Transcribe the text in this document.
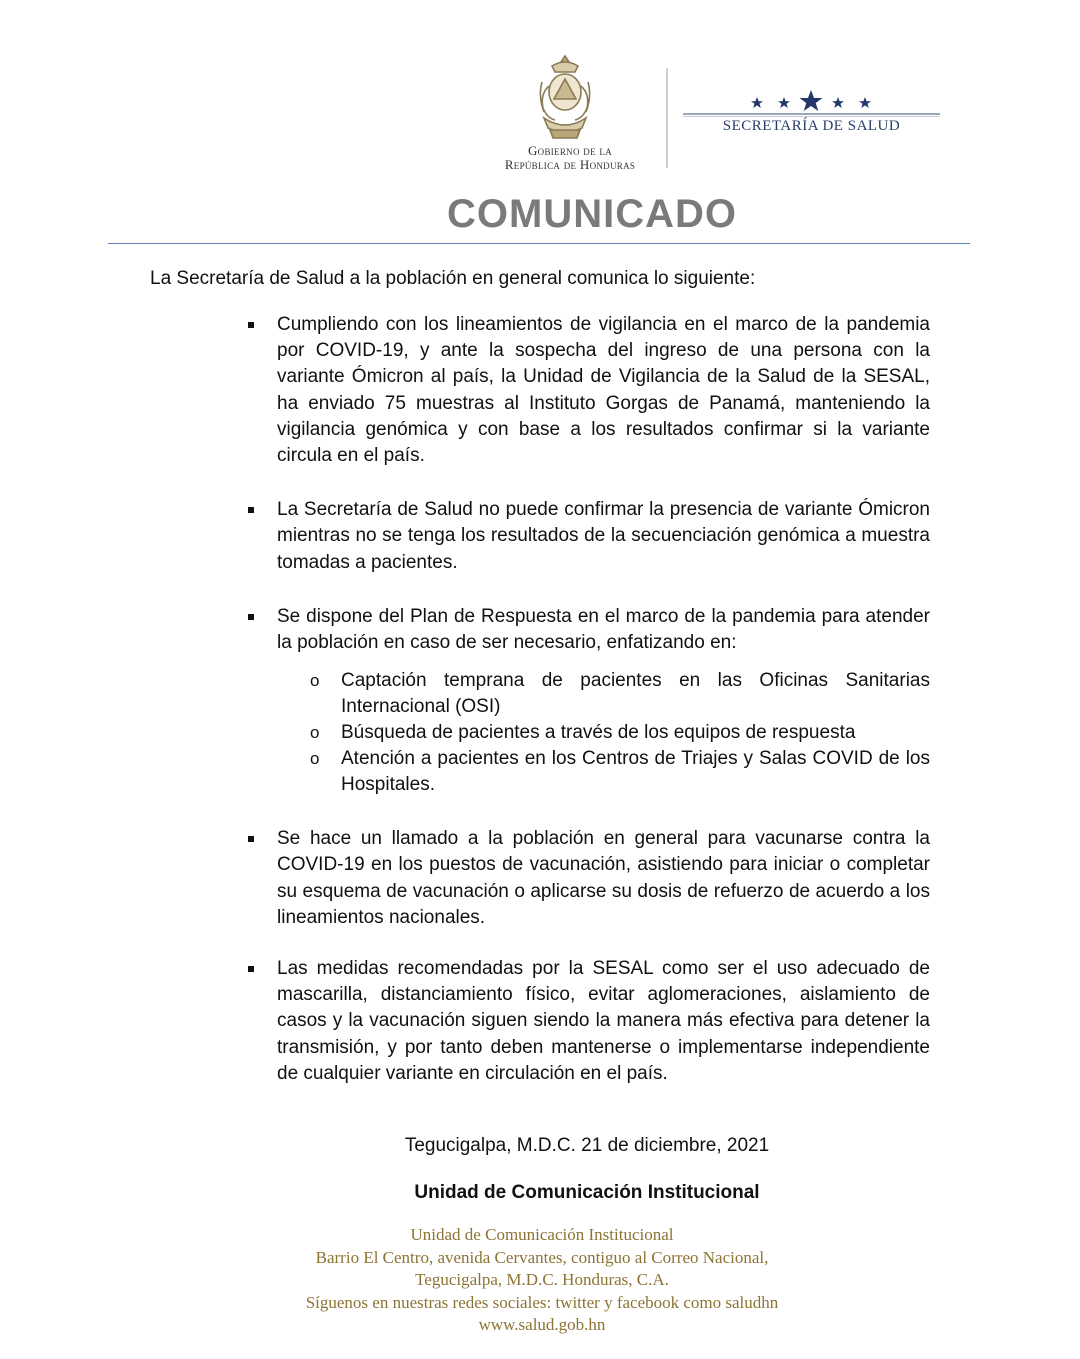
Gobierno de la
República de Honduras
SECRETARÍA DE SALUD
COMUNICADO
La Secretaría de Salud a la población en general comunica lo siguiente:
Cumpliendo con los lineamientos de vigilancia en el marco de la pandemia por COVID-19, y ante la sospecha del ingreso de una persona con la variante Ómicron al país, la Unidad de Vigilancia de la Salud de la SESAL, ha enviado 75 muestras al Instituto Gorgas de Panamá, manteniendo la vigilancia genómica y con base a los resultados confirmar si la variante circula en el país.
La Secretaría de Salud no puede confirmar la presencia de variante Ómicron mientras no se tenga los resultados de la secuenciación genómica a muestra tomadas a pacientes.
Se dispone del Plan de Respuesta en el marco de la pandemia para atender la población en caso de ser necesario, enfatizando en:
o Captación temprana de pacientes en las Oficinas Sanitarias Internacional (OSI)
o Búsqueda de pacientes a través de los equipos de respuesta
o Atención a pacientes en los Centros de Triajes y Salas COVID de los Hospitales.
Se hace un llamado a la población en general para vacunarse contra la COVID-19 en los puestos de vacunación, asistiendo para iniciar o completar su esquema de vacunación o aplicarse su dosis de refuerzo de acuerdo a los lineamientos nacionales.
Las medidas recomendadas por la SESAL como ser el uso adecuado de mascarilla, distanciamiento físico, evitar aglomeraciones, aislamiento de casos y la vacunación siguen siendo la manera más efectiva para detener la transmisión, y por tanto deben mantenerse o implementarse independiente de cualquier variante en circulación en el país.
Tegucigalpa, M.D.C. 21 de diciembre, 2021
Unidad de Comunicación Institucional
Unidad de Comunicación Institucional
Barrio El Centro, avenida Cervantes, contiguo al Correo Nacional,
Tegucigalpa, M.D.C. Honduras, C.A.
Síguenos en nuestras redes sociales: twitter y facebook como saludhn
www.salud.gob.hn
